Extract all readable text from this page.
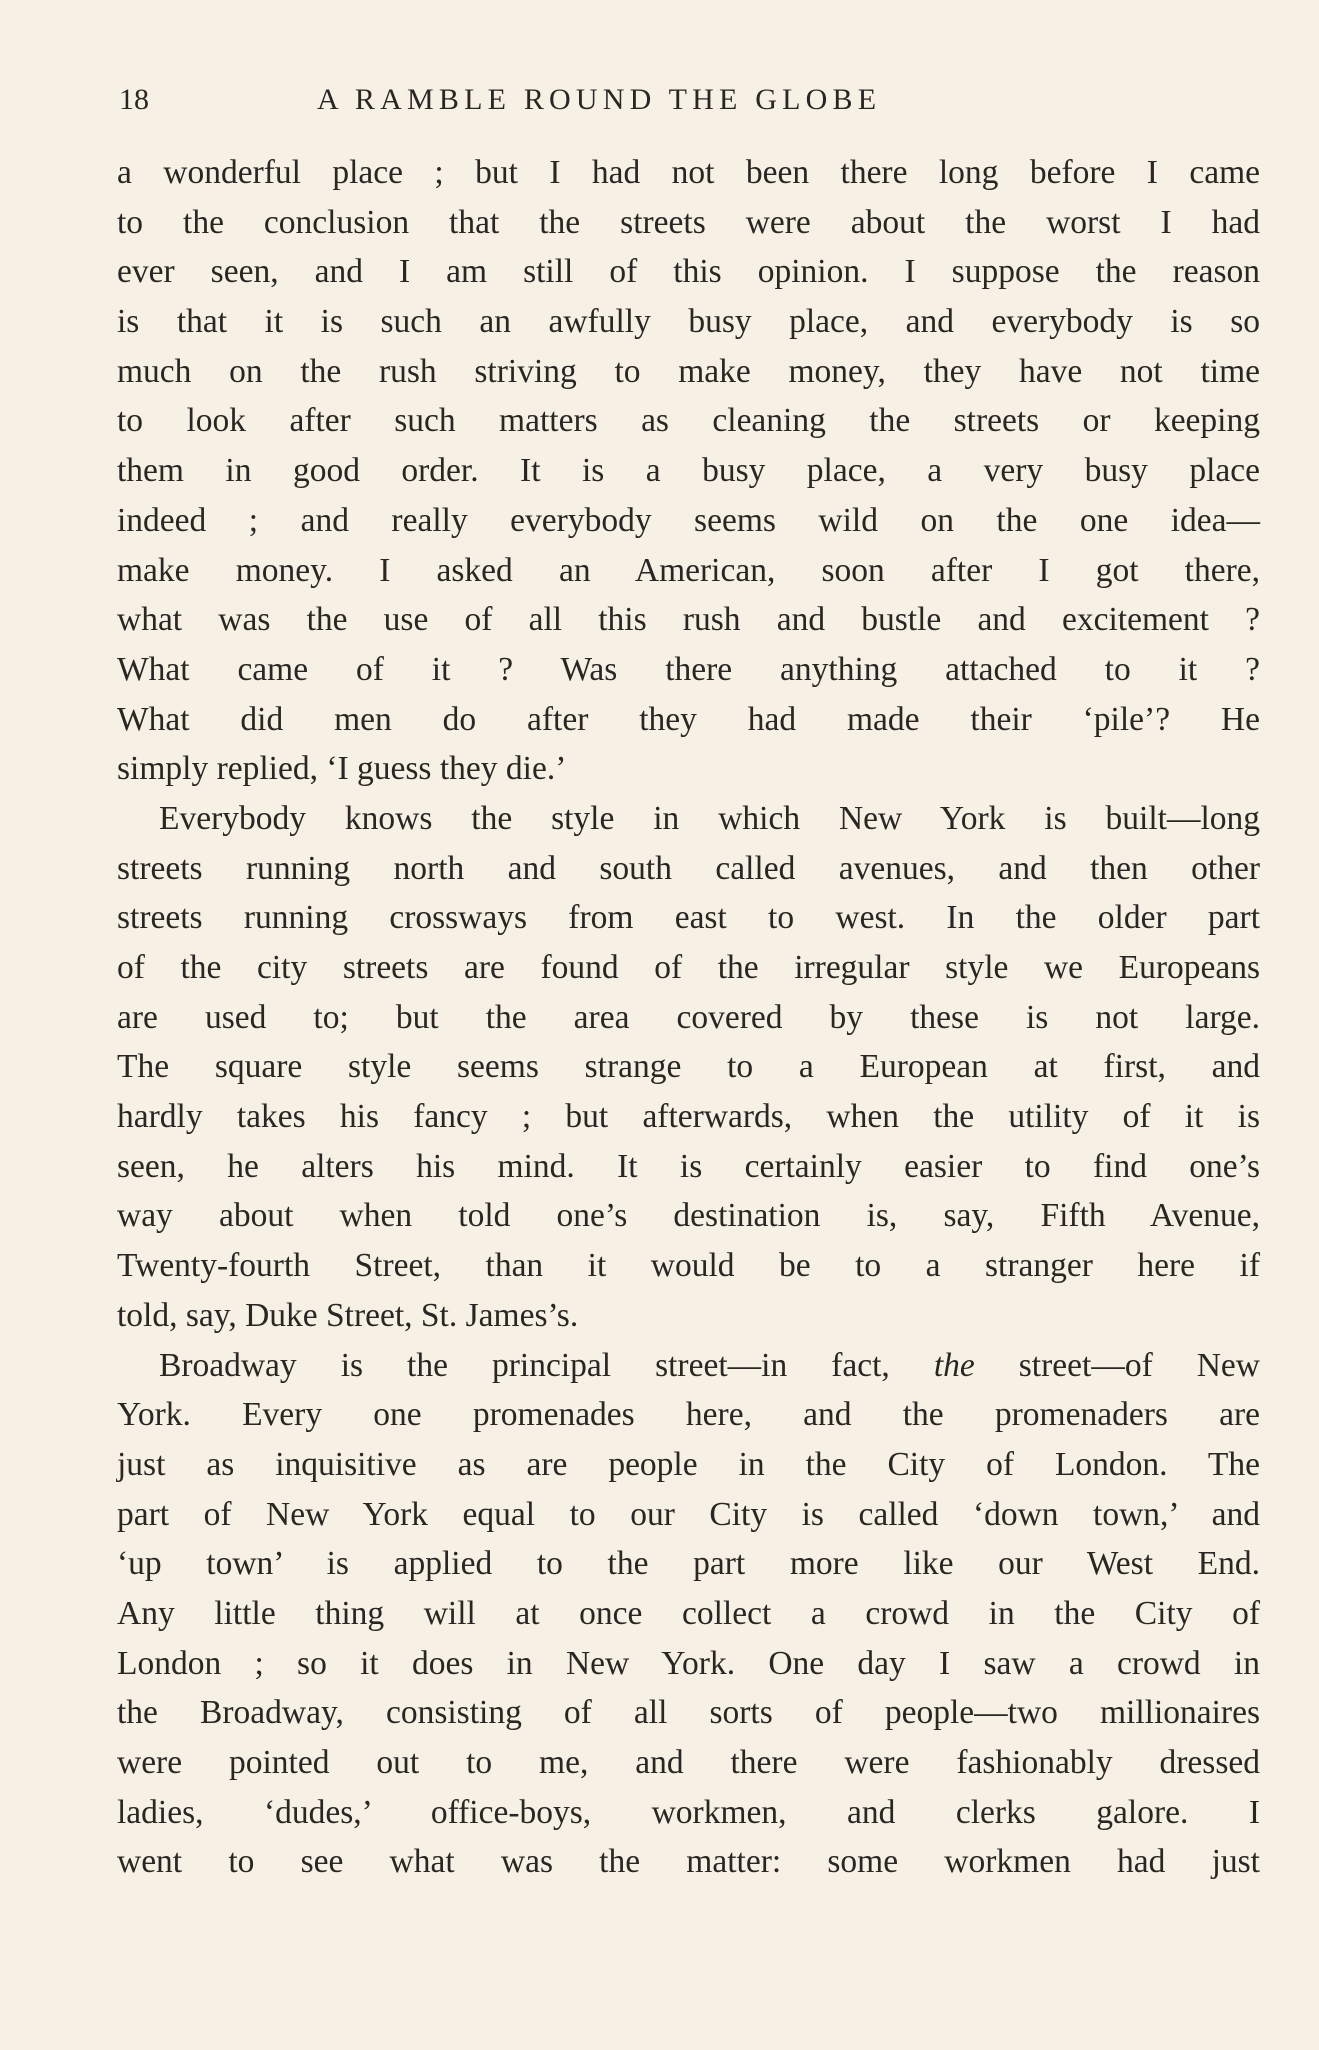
18	A RAMBLE ROUND THE GLOBE
a wonderful place ; but I had not been there long before I came
to the conclusion that the streets were about the worst I had
ever seen, and I am still of this opinion. I suppose the reason
is that it is such an awfully busy place, and everybody is so
much on the rush striving to make money, they have not time
to look after such matters as cleaning the streets or keeping
them in good order. It is a busy place, a very busy place
indeed ; and really everybody seems wild on the one idea—
make money. I asked an American, soon after I got there,
what was the use of all this rush and bustle and excitement ?
What came of it ? Was there anything attached to it ?
What did men do after they had made their ‘pile’? He
simply replied, ‘I guess they die.’
Everybody knows the style in which New York is built—long
streets running north and south called avenues, and then other
streets running crossways from east to west. In the older part
of the city streets are found of the irregular style we Europeans
are used to; but the area covered by these is not large.
The square style seems strange to a European at first, and
hardly takes his fancy ; but afterwards, when the utility of it is
seen, he alters his mind. It is certainly easier to find one’s
way about when told one’s destination is, say, Fifth Avenue,
Twenty-fourth Street, than it would be to a stranger here if
told, say, Duke Street, St. James’s.
Broadway is the principal street—in fact, the street—of New
York. Every one promenades here, and the promenaders are
just as inquisitive as are people in the City of London. The
part of New York equal to our City is called ‘down town,’ and
‘up town’ is applied to the part more like our West End.
Any little thing will at once collect a crowd in the City of
London ; so it does in New York. One day I saw a crowd in
the Broadway, consisting of all sorts of people—two millionaires
were pointed out to me, and there were fashionably dressed
ladies, ‘dudes,’ office-boys, workmen, and clerks galore. I
went to see what was the matter: some workmen had just
